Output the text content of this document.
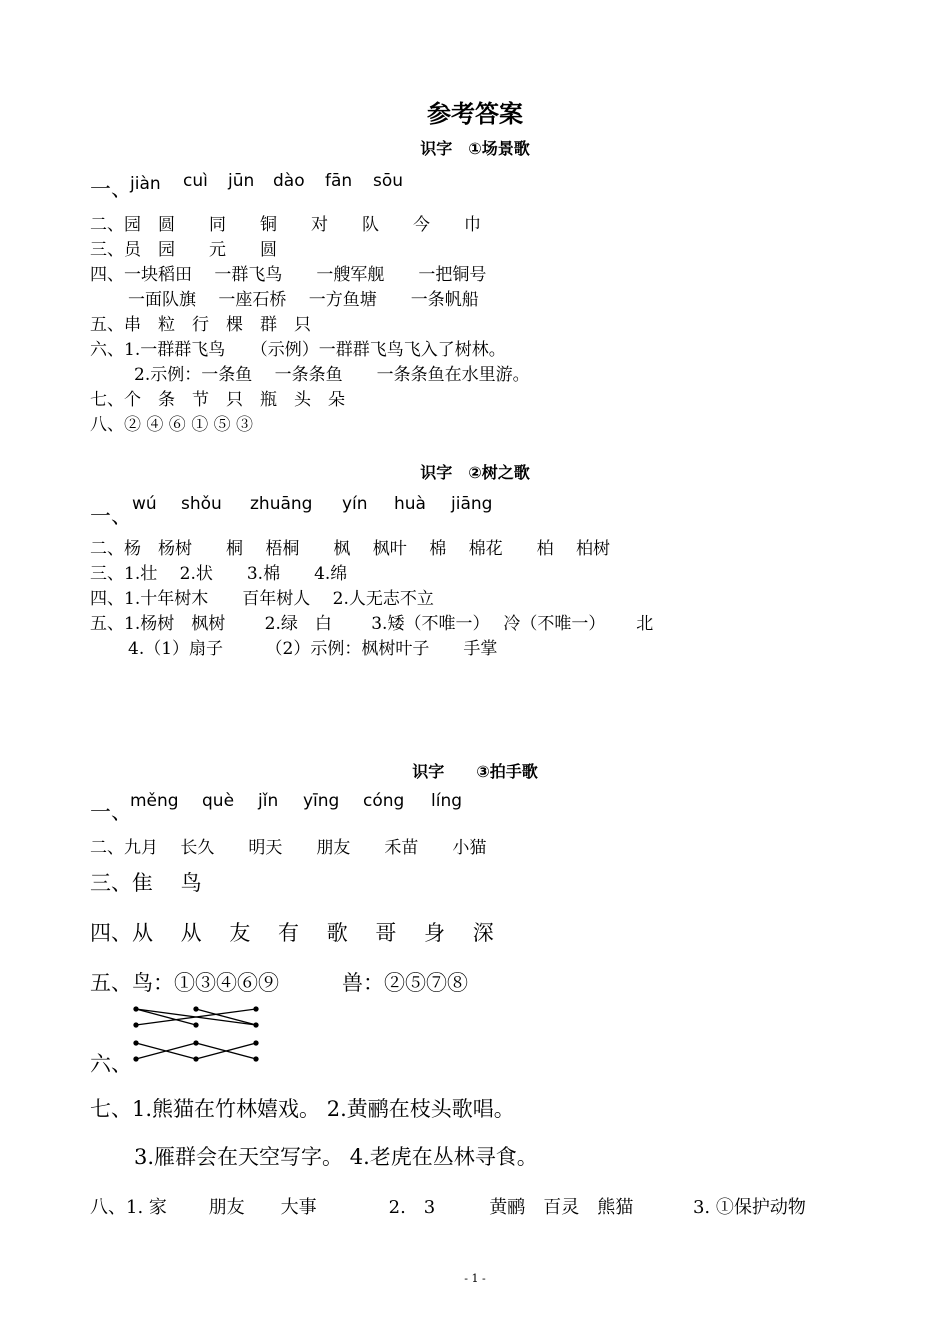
参考答案
识字　①场景歌
一、
jiàn cuì jūn dào fān sōu
二、园　圆　　同　　铜　　对　　队　　今　　巾
三、员　园　　元　　圆
四、一块稻田　 一群飞鸟　　一艘军舰　　一把铜号
一面队旗　 一座石桥　 一方鱼塘　　一条帆船
五、串　粒　行　棵　群　只
六、1.一群群飞鸟　　（示例）一群群飞鸟飞入了树林。
2.示例：一条鱼　 一条条鱼　　一条条鱼在水里游。
七、个　条　节　只　瓶　头　朵
八、② ④ ⑥ ① ⑤ ③
识字　②树之歌
一、 wú shǒu zhuāng yín huà jiāng
二、杨　杨树　　桐　 梧桐　　枫　 枫叶　 棉　 棉花　　柏　 柏树
三、1.壮　 2.状　　3.棉　　4.绵
四、1.十年树木　　百年树人　 2.人无志不立
五、1.杨树　枫树　　 2.绿　白　　 3.矮（不唯一）　 冷（不唯一）　　 北
4.（1）扇子　　　（2）示例：枫树叶子　　手掌
识字　　③拍手歌
一、
měng què jǐn yīng cóng líng
二、九月　 长久　　明天　　朋友　　禾苗　　小猫
三、隹　 鸟
四、从　 从　 友　 有　 歌　 哥　 身　 深
五、鸟：①③④⑥⑨　　　兽：②⑤⑦⑧
六、
七、1.熊猫在竹林嬉戏。 2.黄鹂在枝头歌唱。
3.雁群会在天空写字。 4.老虎在丛林寻食。
八、1. 家　　 朋友　　大事　　　　2.　3　　　黄鹂　百灵　熊猫　　　 3. ①保护动物
- 1 -
